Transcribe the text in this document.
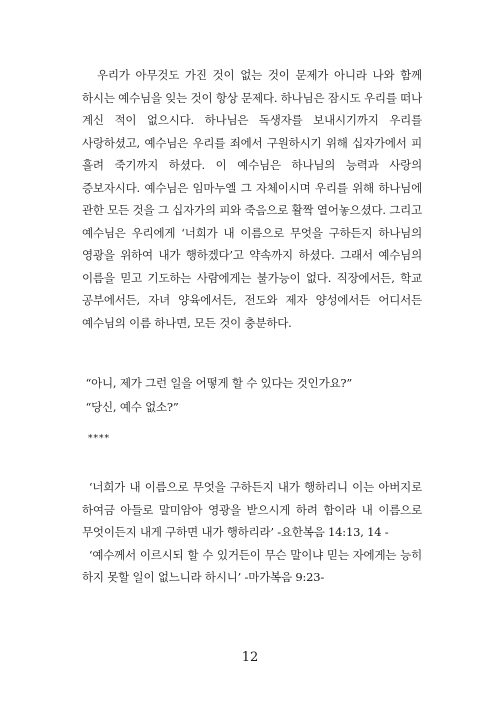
우리가 아무것도 가진 것이 없는 것이 문제가 아니라 나와 함께 하시는 예수님을 잊는 것이 항상 문제다. 하나님은 잠시도 우리를 떠나 계신 적이 없으시다. 하나님은 독생자를 보내시기까지 우리를 사랑하셨고, 예수님은 우리를 죄에서 구원하시기 위해 십자가에서 피 흘려 죽기까지 하셨다. 이 예수님은 하나님의 능력과 사랑의 증보자시다. 예수님은 임마누엘 그 자체이시며 우리를 위해 하나님에 관한 모든 것을 그 십자가의 피와 죽음으로 활짝 열어놓으셨다. 그리고 예수님은 우리에게 ‘너희가 내 이름으로 무엇을 구하든지 하나님의 영광을 위하여 내가 행하겠다’고 약속까지 하셨다. 그래서 예수님의 이름을 믿고 기도하는 사람에게는 불가능이 없다. 직장에서든, 학교 공부에서든, 자녀 양육에서든, 전도와 제자 양성에서든 어디서든 예수님의 이름 하나면, 모든 것이 충분하다.

“아니, 제가 그런 일을 어떻게 할 수 있다는 것인가요?”

“당신, 예수 없소?”

****

‘너희가 내 이름으로 무엇을 구하든지 내가 행하리니 이는 아버지로 하여금 아들로 말미암아 영광을 받으시게 하려 함이라 내 이름으로 무엇이든지 내게 구하면 내가 행하리라’ -요한복음 14:13, 14 -

‘예수께서 이르시되 할 수 있거든이 무슨 말이냐 믿는 자에게는 능히 하지 못할 일이 없느니라 하시니’ -마가복음 9:23-

12
